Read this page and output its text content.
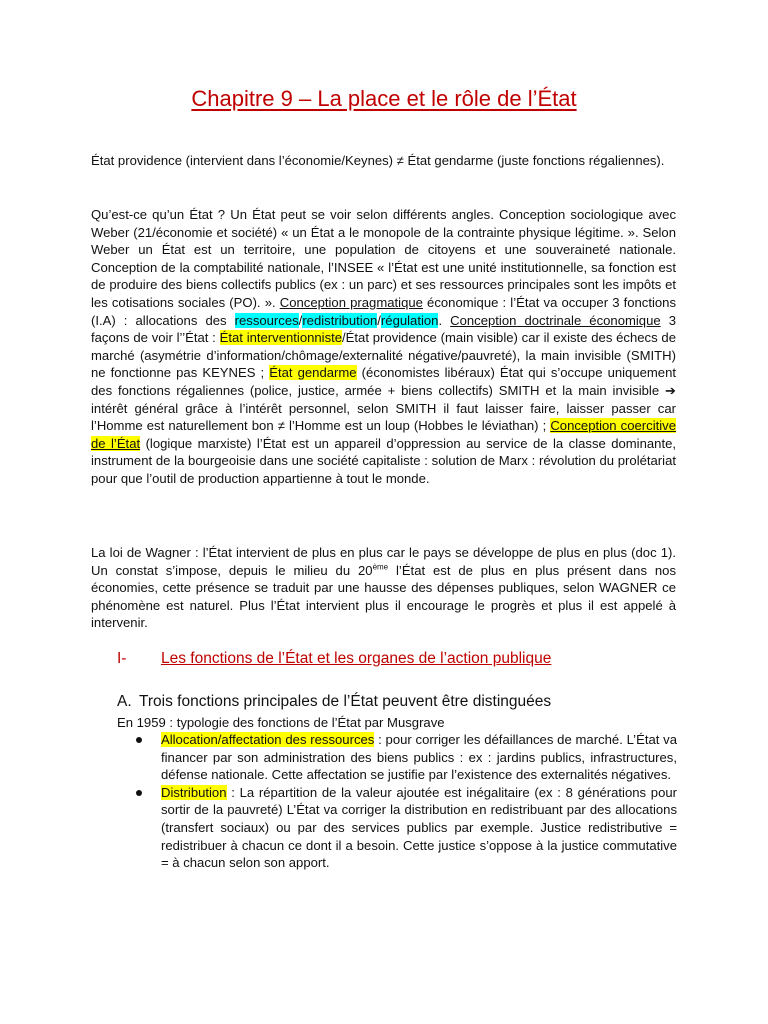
Chapitre 9 – La place et le rôle de l’État

État providence (intervient dans l’économie/Keynes) ≠ État gendarme (juste fonctions régaliennes).

Qu’est-ce qu’un État ? Un État peut se voir selon différents angles. Conception sociologique avec Weber (21/économie et société) « un État a le monopole de la contrainte physique légitime. ». Selon Weber un État est un territoire, une population de citoyens et une souveraineté nationale. Conception de la comptabilité nationale, l’INSEE « l’État est une unité institutionnelle, sa fonction est de produire des biens collectifs publics (ex : un parc) et ses ressources principales sont les impôts et les cotisations sociales (PO). ». Conception pragmatique économique : l’État va occuper 3 fonctions (I.A) : allocations des ressources/redistribution/régulation. Conception doctrinale économique 3 façons de voir l’’État : État interventionniste/État providence (main visible) car il existe des échecs de marché (asymétrie d’information/chômage/externalité négative/pauvreté), la main invisible (SMITH) ne fonctionne pas KEYNES ; État gendarme (économistes libéraux) État qui s’occupe uniquement des fonctions régaliennes (police, justice, armée + biens collectifs) SMITH et la main invisible ➔ intérêt général grâce à l’intérêt personnel, selon SMITH il faut laisser faire, laisser passer car l’Homme est naturellement bon ≠ l’Homme est un loup (Hobbes le léviathan) ; Conception coercitive de l’État (logique marxiste) l’État est un appareil d’oppression au service de la classe dominante, instrument de la bourgeoisie dans une société capitaliste : solution de Marx : révolution du prolétariat pour que l’outil de production appartienne à tout le monde.

La loi de Wagner : l’État intervient de plus en plus car le pays se développe de plus en plus (doc 1). Un constat s’impose, depuis le milieu du 20ème l’État est de plus en plus présent dans nos économies, cette présence se traduit par une hausse des dépenses publiques, selon WAGNER ce phénomène est naturel. Plus l’État intervient plus il encourage le progrès et plus il est appelé à intervenir.

I- Les fonctions de l’État et les organes de l’action publique
A. Trois fonctions principales de l’État peuvent être distinguées
En 1959 : typologie des fonctions de l’État par Musgrave
Allocation/affectation des ressources : pour corriger les défaillances de marché. L’État va financer par son administration des biens publics : ex : jardins publics, infrastructures, défense nationale. Cette affectation se justifie par l’existence des externalités négatives.
Distribution : La répartition de la valeur ajoutée est inégalitaire (ex : 8 générations pour sortir de la pauvreté) L’État va corriger la distribution en redistribuant par des allocations (transfert sociaux) ou par des services publics par exemple. Justice redistributive = redistribuer à chacun ce dont il a besoin. Cette justice s’oppose à la justice commutative = à chacun selon son apport.
